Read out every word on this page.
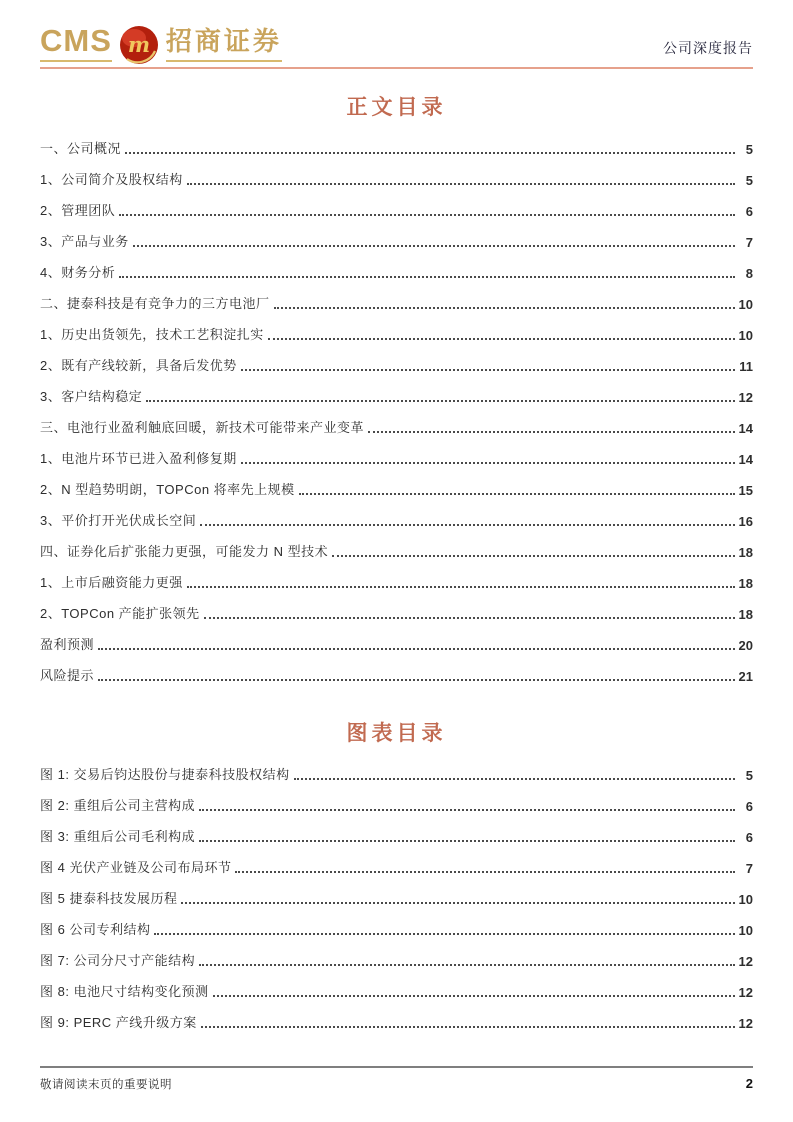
CMS m 招商证券	公司深度报告
正文目录
一、公司概况	5
1、公司简介及股权结构	5
2、管理团队	6
3、产品与业务	7
4、财务分析	8
二、捷泰科技是有竞争力的三方电池厂	10
1、历史出货领先，技术工艺积淀扎实	10
2、既有产线较新，具备后发优势	11
3、客户结构稳定	12
三、电池行业盈利触底回暖，新技术可能带来产业变革	14
1、电池片环节已进入盈利修复期	14
2、N 型趋势明朗，TOPCon 将率先上规模	15
3、平价打开光伏成长空间	16
四、证券化后扩张能力更强，可能发力 N 型技术	18
1、上市后融资能力更强	18
2、TOPCon 产能扩张领先	18
盈利预测	20
风险提示	21
图表目录
图 1: 交易后钧达股份与捷泰科技股权结构	5
图 2: 重组后公司主营构成	6
图 3: 重组后公司毛利构成	6
图 4 光伏产业链及公司布局环节	7
图 5 捷泰科技发展历程	10
图 6 公司专利结构	10
图 7: 公司分尺寸产能结构	12
图 8: 电池尺寸结构变化预测	12
图 9: PERC 产线升级方案	12
敬请阅读末页的重要说明	2
